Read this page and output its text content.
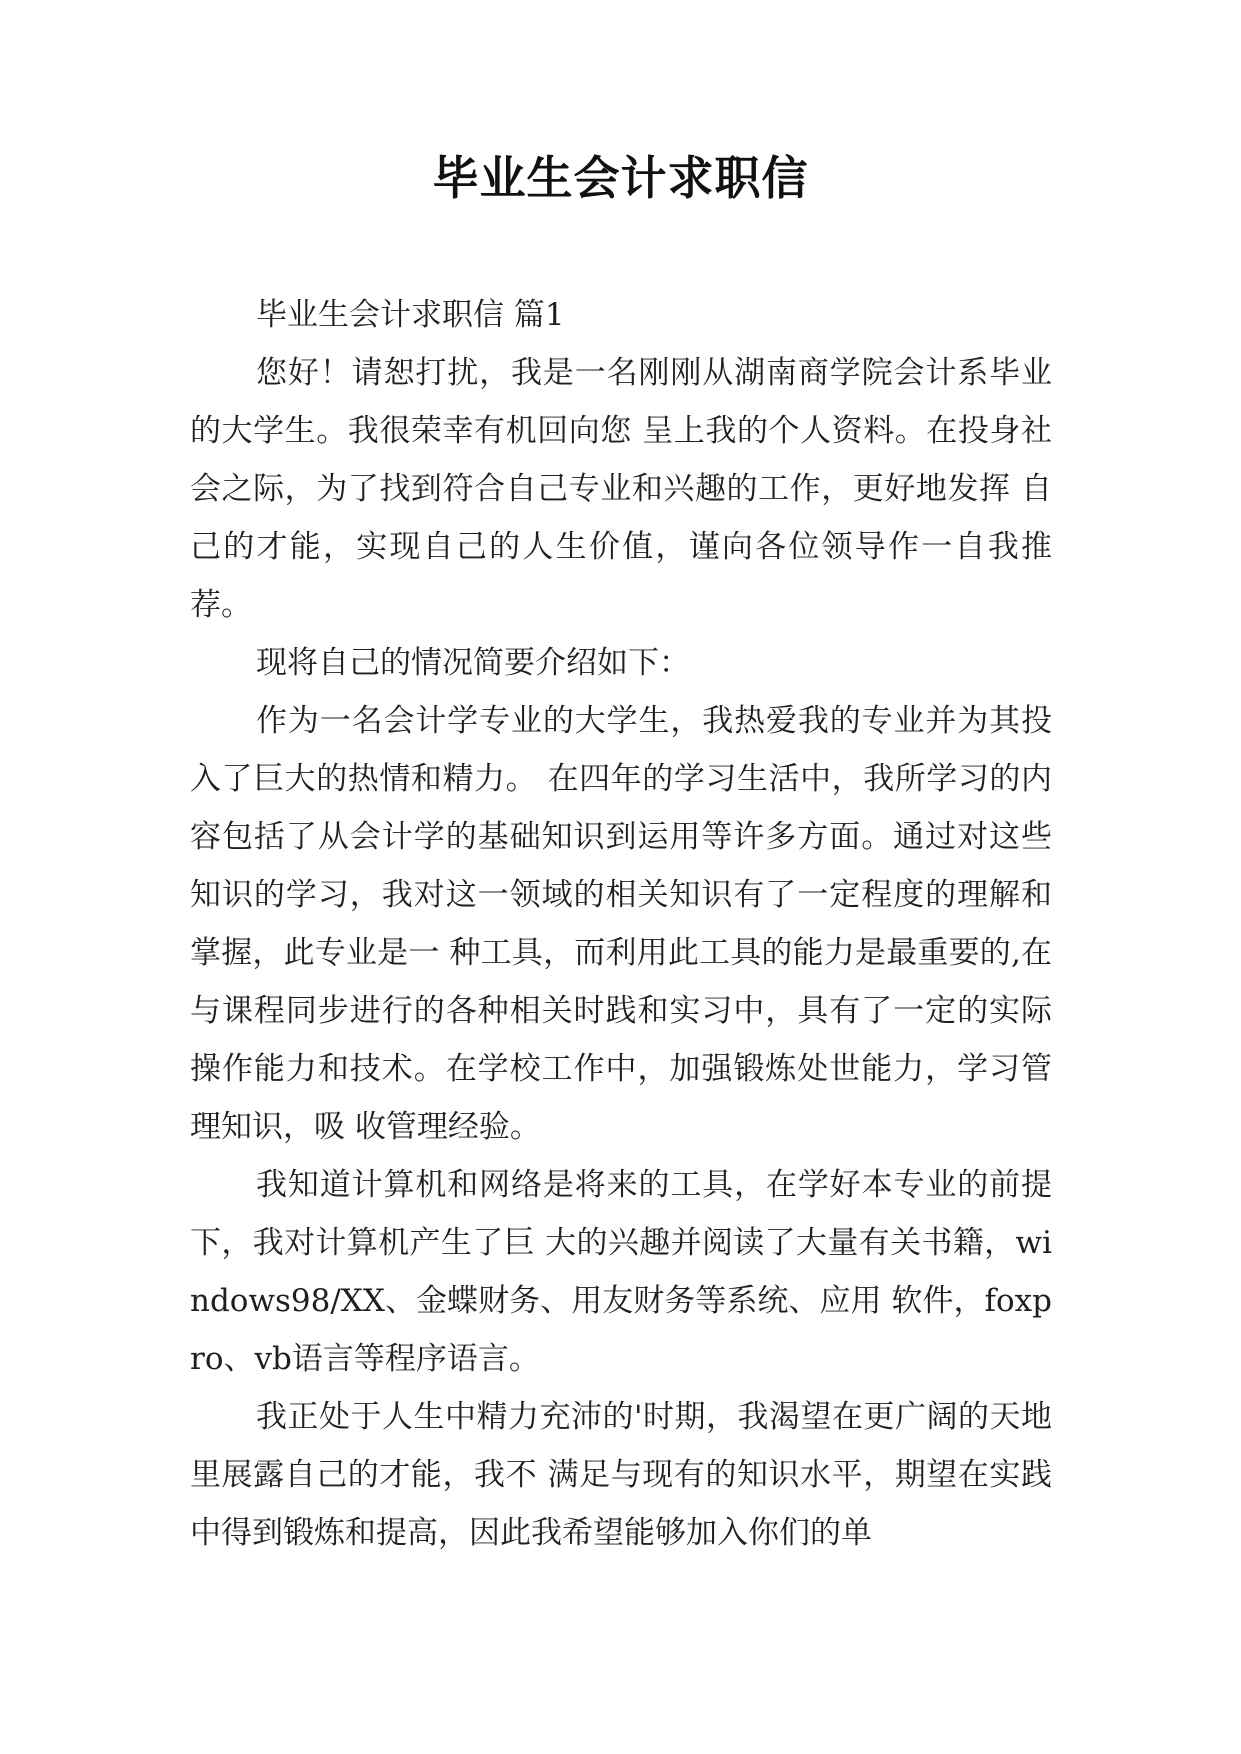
毕业生会计求职信

毕业生会计求职信 篇1

您好！请恕打扰，我是一名刚刚从湖南商学院会计系毕业的大学生。我很荣幸有机回向您 呈上我的个人资料。在投身社会之际，为了找到符合自己专业和兴趣的工作，更好地发挥 自己的才能，实现自己的人生价值，谨向各位领导作一自我推荐。

现将自己的情况简要介绍如下：

作为一名会计学专业的大学生，我热爱我的专业并为其投入了巨大的热情和精力。 在四年的学习生活中，我所学习的内容包括了从会计学的基础知识到运用等许多方面。通过对这些知识的学习，我对这一领域的相关知识有了一定程度的理解和掌握，此专业是一 种工具，而利用此工具的能力是最重要的,在与课程同步进行的各种相关时践和实习中，具有了一定的实际操作能力和技术。在学校工作中，加强锻炼处世能力，学习管理知识，吸 收管理经验。

我知道计算机和网络是将来的工具，在学好本专业的前提下，我对计算机产生了巨 大的兴趣并阅读了大量有关书籍，windows98/XX、金蝶财务、用友财务等系统、应用 软件，foxpro、vb语言等程序语言。

我正处于人生中精力充沛的'时期，我渴望在更广阔的天地里展露自己的才能，我不 满足与现有的知识水平，期望在实践中得到锻炼和提高，因此我希望能够加入你们的单
